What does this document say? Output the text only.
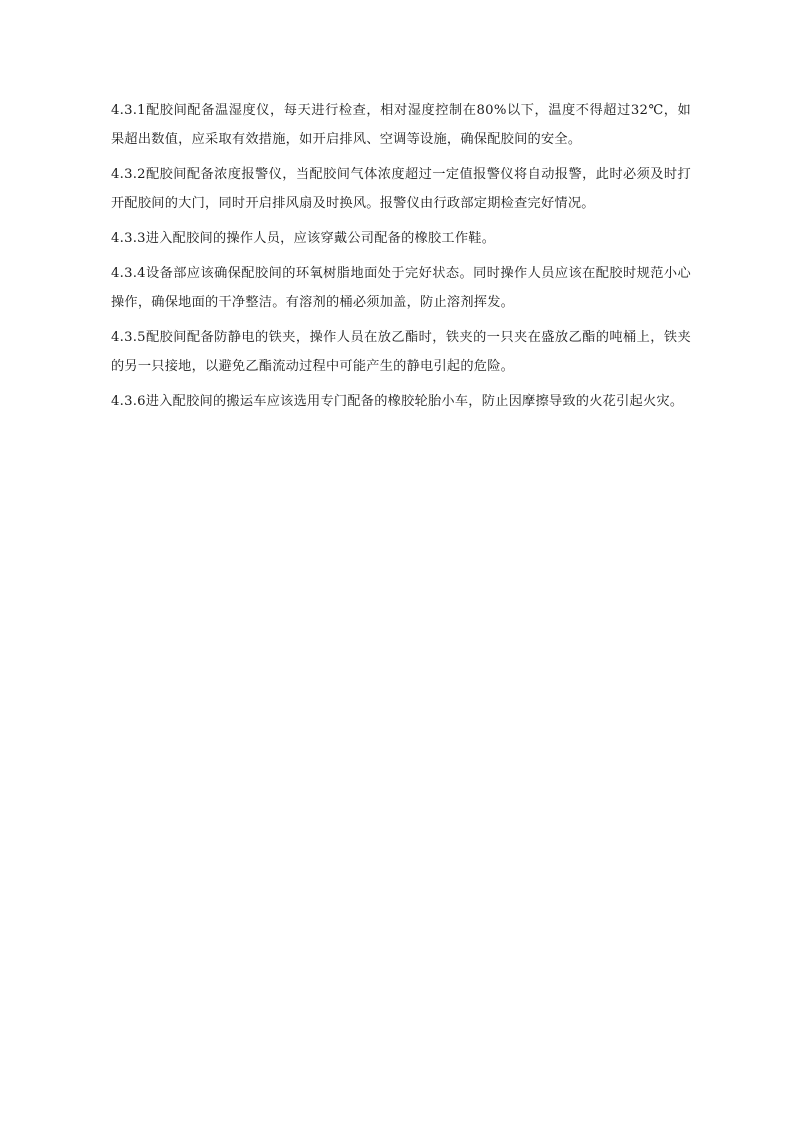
4.3.1配胶间配备温湿度仪，每天进行检查，相对湿度控制在80%以下，温度不得超过32℃，如果超出数值，应采取有效措施，如开启排风、空调等设施，确保配胶间的安全。

4.3.2配胶间配备浓度报警仪，当配胶间气体浓度超过一定值报警仪将自动报警，此时必须及时打开配胶间的大门，同时开启排风扇及时换风。报警仪由行政部定期检查完好情况。

4.3.3进入配胶间的操作人员，应该穿戴公司配备的橡胶工作鞋。

4.3.4设备部应该确保配胶间的环氧树脂地面处于完好状态。同时操作人员应该在配胶时规范小心操作，确保地面的干净整洁。有溶剂的桶必须加盖，防止溶剂挥发。

4.3.5配胶间配备防静电的铁夹，操作人员在放乙酯时，铁夹的一只夹在盛放乙酯的吨桶上，铁夹的另一只接地，以避免乙酯流动过程中可能产生的静电引起的危险。

4.3.6进入配胶间的搬运车应该选用专门配备的橡胶轮胎小车，防止因摩擦导致的火花引起火灾。
